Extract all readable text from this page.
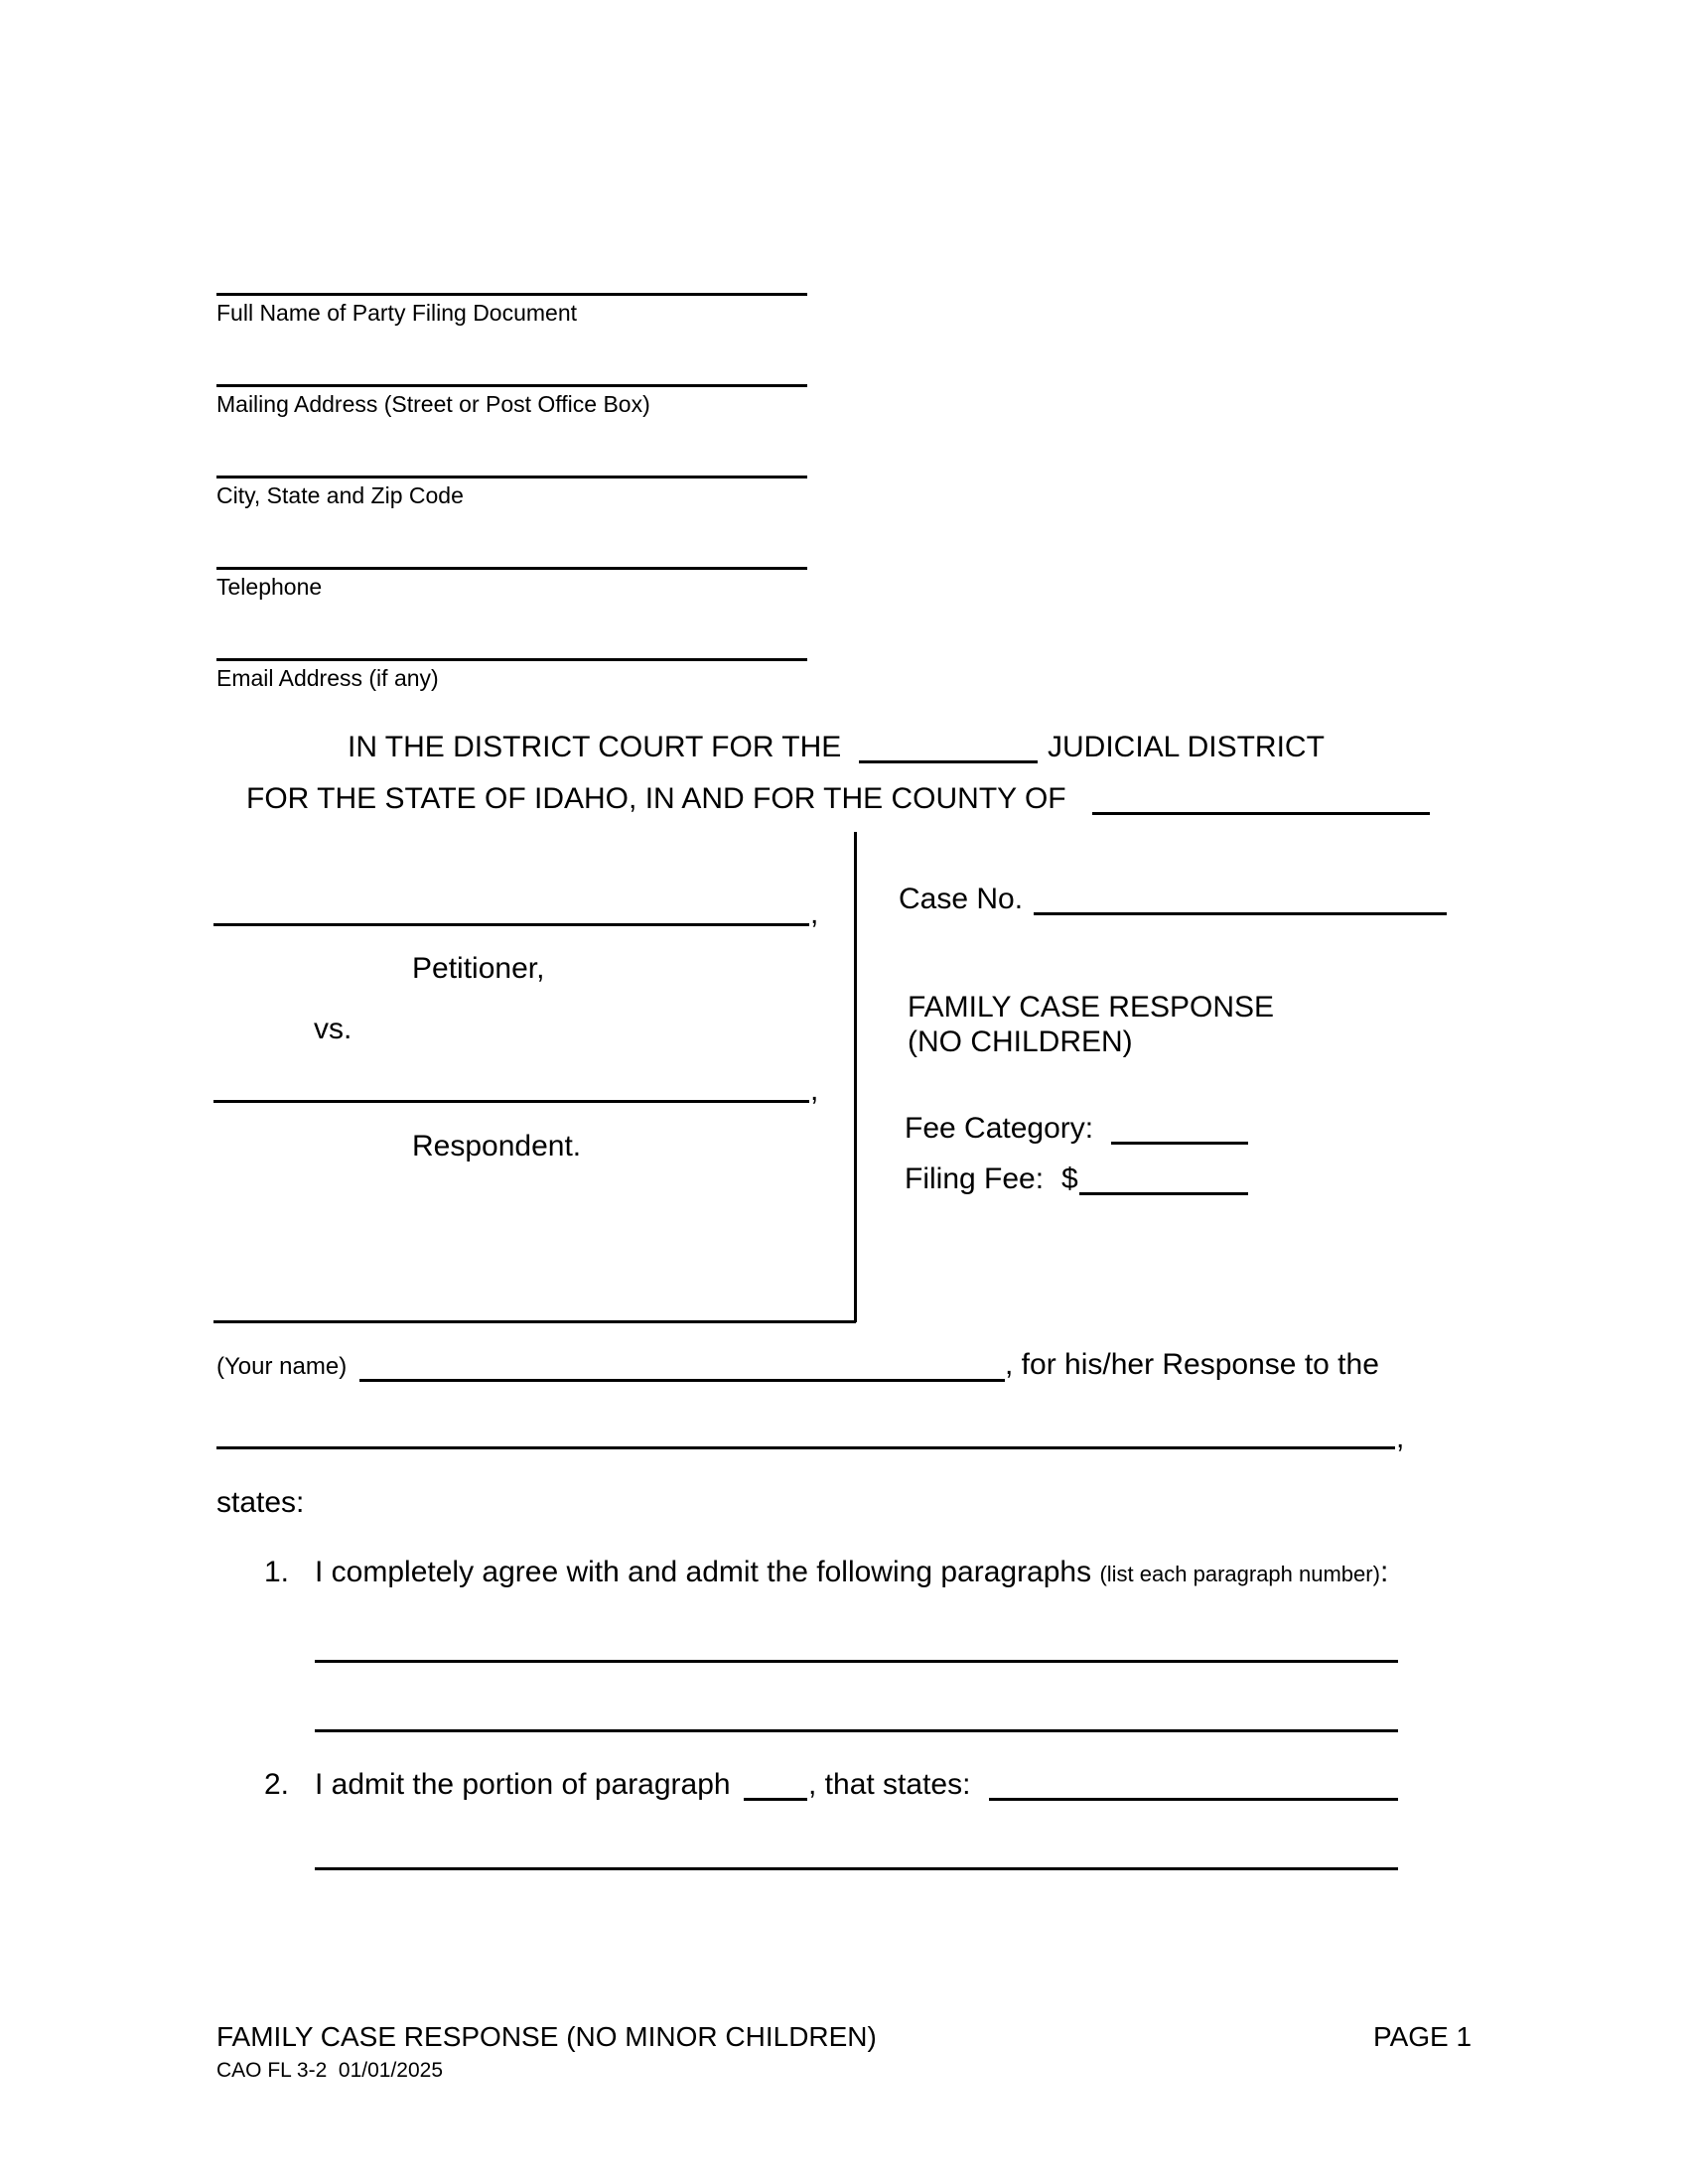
Full Name of Party Filing Document
Mailing Address (Street or Post Office Box)
City, State and Zip Code
Telephone
Email Address (if any)
IN THE DISTRICT COURT FOR THE	JUDICIAL DISTRICT
FOR THE STATE OF IDAHO, IN AND FOR THE COUNTY OF
,
Petitioner,
vs.
,
Respondent.
Case No.
FAMILY CASE RESPONSE
(NO CHILDREN)
Fee Category:
Filing Fee: $
(Your name)	, for his/her Response to the
,
states:
1. I completely agree with and admit the following paragraphs (list each paragraph number):
2. I admit the portion of paragraph	, that states:
FAMILY CASE RESPONSE (NO MINOR CHILDREN)	PAGE 1
CAO FL 3-2  01/01/2025
